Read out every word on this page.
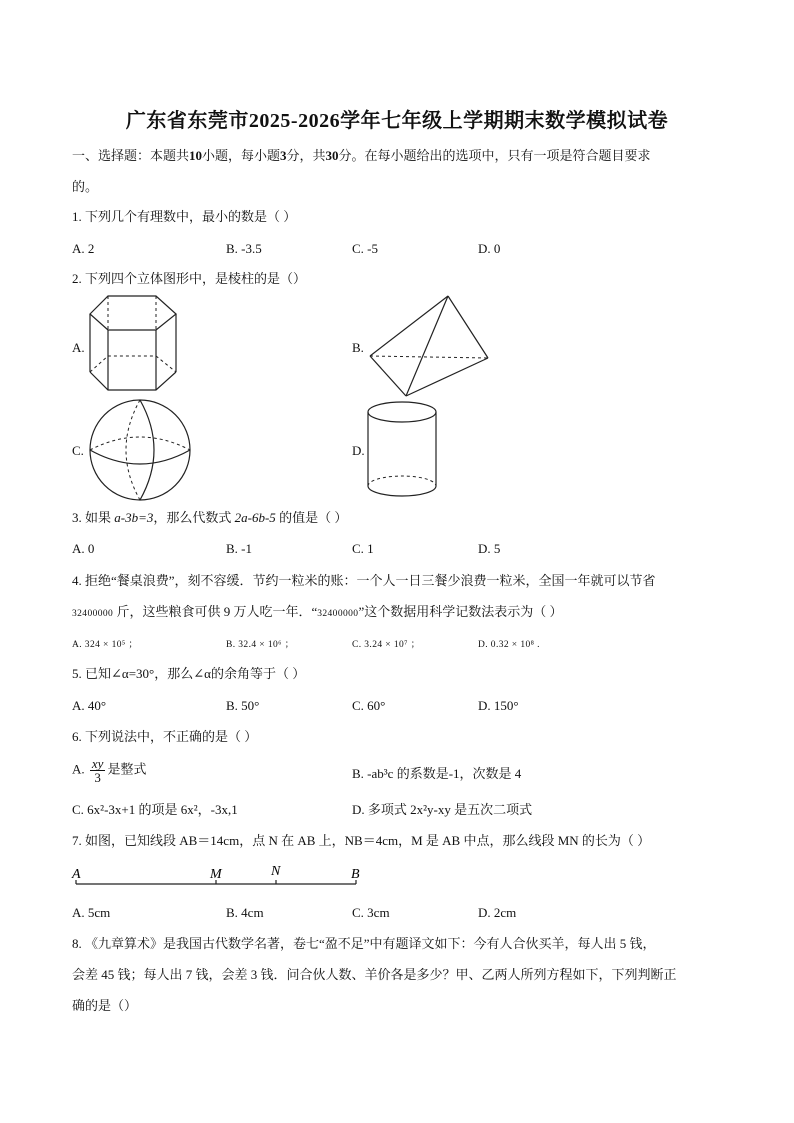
广东省东莞市2025-2026学年七年级上学期期末数学模拟试卷
一、选择题：本题共10小题，每小题3分，共30分。在每小题给出的选项中，只有一项是符合题目要求
的。
1. 下列几个有理数中，最小的数是（ ）
A. 2	B. -3.5	C. -5	D. 0
2. 下列四个立体图形中，是棱柱的是（）
A.	B.
C.	D.
3. 如果 a-3b=3，那么代数式 2a-6b-5 的值是（ ）
A. 0	B. -1	C. 1	D. 5
4. 拒绝“餐桌浪费”，刻不容缓．节约一粒米的账：一个人一日三餐少浪费一粒米，全国一年就可以节省
32400000 斤，这些粮食可供 9 万人吃一年．“32400000”这个数据用科学记数法表示为（ ）
A. 324 × 10⁵ ；	B. 32.4 × 10⁶ ；	C. 3.24 × 10⁷ ；	D. 0.32 × 10⁸ .
5. 已知∠α=30°，那么∠α的余角等于（ ）
A. 40°	B. 50°	C. 60°	D. 150°
6. 下列说法中，不正确的是（ ）
A. $\frac{xy}{3}$ 是整式	B. -ab³c 的系数是-1，次数是 4
C. 6x²-3x+1 的项是 6x²，-3x,1	D. 多项式 2x²y-xy 是五次二项式
7. 如图，已知线段 AB＝14cm，点 N 在 AB 上，NB＝4cm，M 是 AB 中点，那么线段 MN 的长为（ ）
A	M	N	B
A. 5cm	B. 4cm	C. 3cm	D. 2cm
8. 《九章算术》是我国古代数学名著，卷七“盈不足”中有题译文如下：今有人合伙买羊，每人出 5 钱，
会差 45 钱；每人出 7 钱，会差 3 钱．问合伙人数、羊价各是多少？甲、乙两人所列方程如下，下列判断正
确的是（）
